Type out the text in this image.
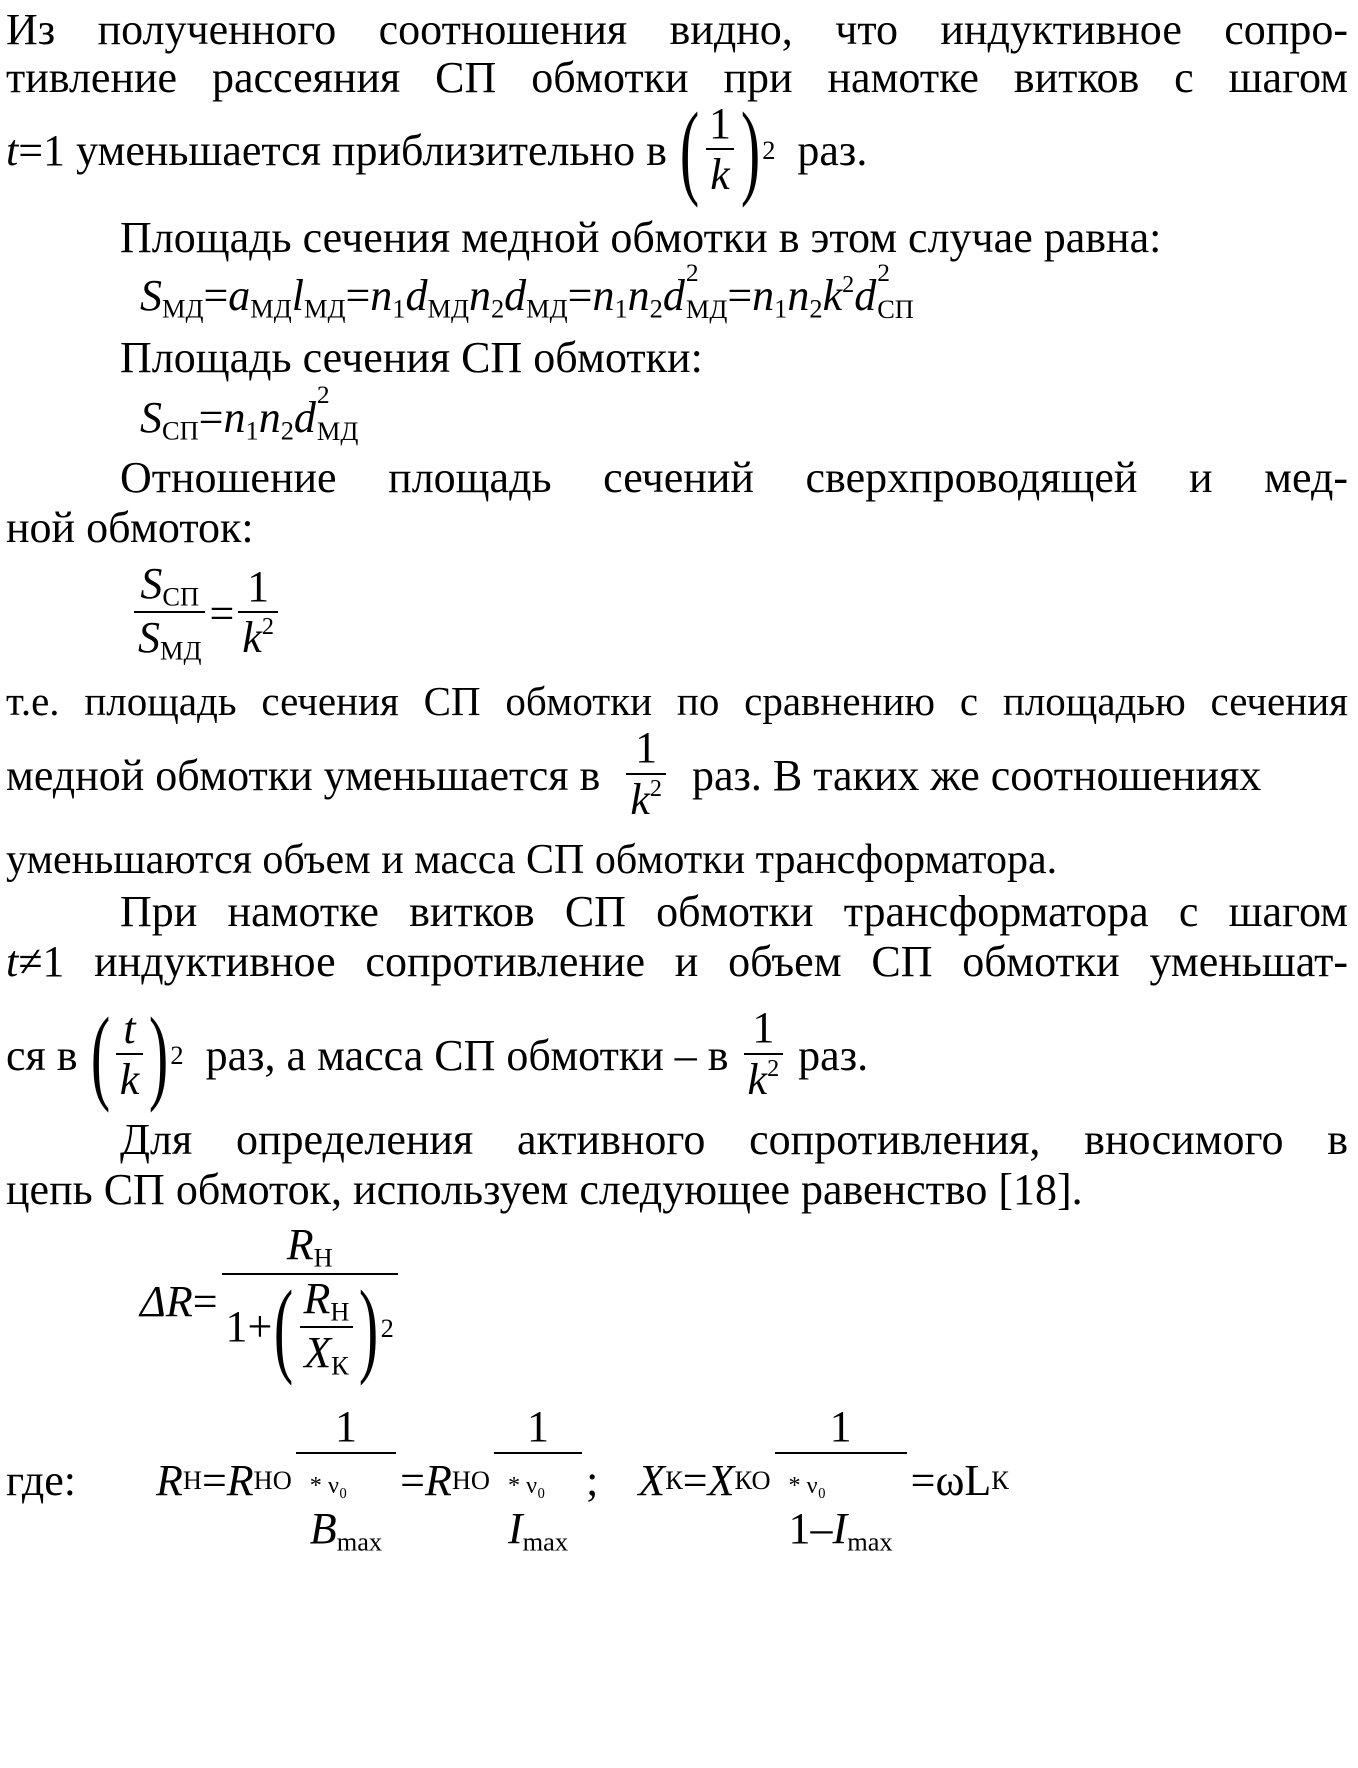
Из полученного соотношения видно, что индуктивное сопро-
тивление рассеяния СП обмотки при намотке витков с шагом
t =1 уменьшается приблизительно в
( $\frac{1}{k}$ ) 2
раз.
Площадь сечения медной обмотки в этом случае равна:
$S_{МД}=a_{МД}l_{МД}=n_1d_{МД}n_2d_{МД}=n_1n_2d$ 2
$МД=n_1n_2k^2d$ 2
СП
Площадь сечения СП обмотки:
$S_{СП}=n_1n_2d$ 2
МД
Отношение площадь сечений сверхпроводящей и мед-
ной обмоток:
$\frac{S_{СП}}{S_{МД}} = \frac{1}{k^2}$
т.е. площадь сечения СП обмотки по сравнению с площадью сечения
медной обмотки уменьшается в
$\frac{1}{k^2}$
раз. В таких же соотношениях
уменьшаются объем и масса СП обмотки трансформатора.
При намотке витков СП обмотки трансформатора с шагом
t≠1 индуктивное сопротивление и объем СП обмотки уменьшат-
ся в
( $\frac{t}{k}$ ) 2
раз, а масса СП обмотки – в
$\frac{1}{k^2}$
раз.
Для определения активного сопротивления, вносимого в
цепь СП обмоток, используем следующее равенство [18].
$\Delta R = \frac{R_Н}{1+ ( \frac{R_Н}{X_К} ) 2}$
где: R Н = R НО
1
* ν₀
$B_{max}$
= R НО
1
* ν₀
$I_{max}$
; X К = X КО
1
* ν₀
$1-I_{max}$
= ωL К
